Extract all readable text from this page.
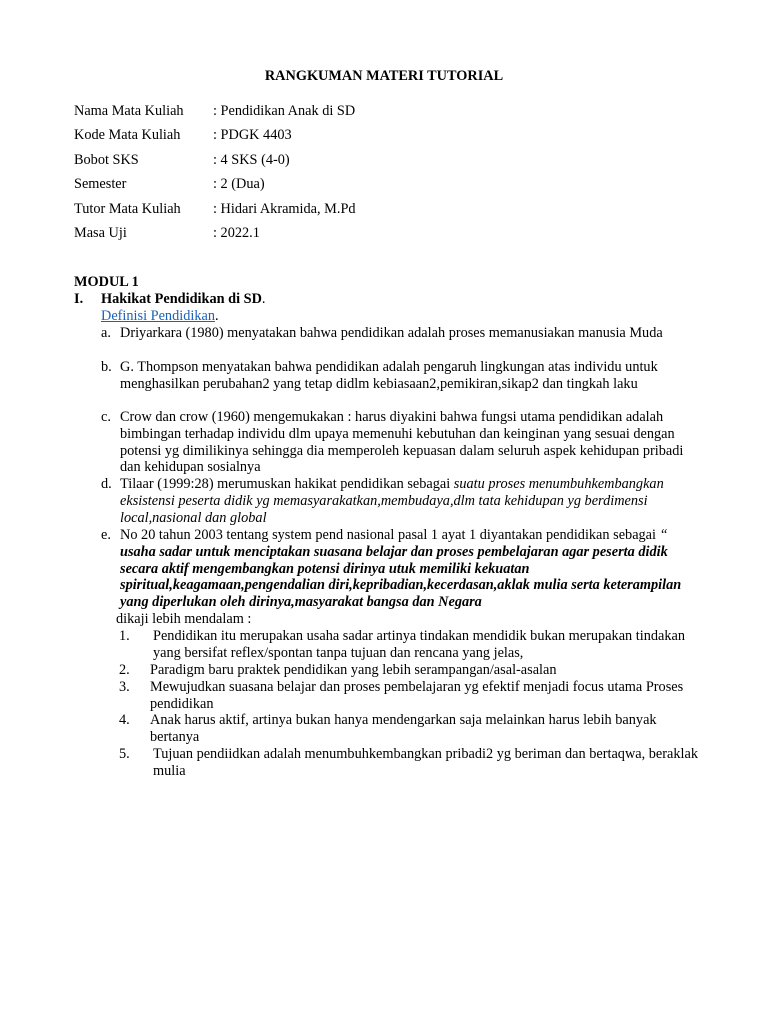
RANGKUMAN MATERI TUTORIAL
Nama Mata Kuliah : Pendidikan Anak di SD
Kode Mata Kuliah : PDGK 4403
Bobot SKS	: 4 SKS (4-0)
Semester	: 2 (Dua)
Tutor Mata Kuliah : Hidari Akramida, M.Pd
Masa Uji	: 2022.1
MODUL 1
I. Hakikat Pendidikan di SD.
Definisi Pendidikan.
a. Driyarkara (1980) menyatakan bahwa pendidikan adalah proses memanusiakan manusia Muda
b. G. Thompson menyatakan bahwa pendidikan adalah pengaruh lingkungan atas individu untuk menghasilkan perubahan2 yang tetap didlm kebiasaan2,pemikiran,sikap2 dan tingkah laku
c. Crow dan crow (1960) mengemukakan : harus diyakini bahwa fungsi utama pendidikan adalah bimbingan terhadap individu dlm upaya memenuhi kebutuhan dan keinginan yang sesuai dengan potensi yg dimilikinya sehingga dia memperoleh kepuasan dalam seluruh aspek kehidupan pribadi dan kehidupan sosialnya
d. Tilaar (1999:28) merumuskan hakikat pendidikan sebagai suatu proses menumbuhkembangkan eksistensi peserta didik yg memasyarakatkan,membudaya,dlm tata kehidupan yg berdimensi local,nasional dan global
e. No 20 tahun 2003 tentang system pend nasional pasal 1 ayat 1 diyantakan pendidikan sebagai “ usaha sadar untuk menciptakan suasana belajar dan proses pembelajaran agar peserta didik secara aktif mengembangkan potensi dirinya utuk memiliki kekuatan spiritual,keagamaan,pengendalian diri,kepribadian,kecerdasan,aklak mulia serta keterampilan yang diperlukan oleh dirinya,masyarakat bangsa dan Negara
dikaji lebih mendalam :
1. Pendidikan itu merupakan usaha sadar artinya tindakan mendidik bukan merupakan tindakan yang bersifat reflex/spontan tanpa tujuan dan rencana yang jelas,
2. Paradigm baru praktek pendidikan yang lebih serampangan/asal-asalan
3. Mewujudkan suasana belajar dan proses pembelajaran yg efektif menjadi focus utama Proses pendidikan
4. Anak harus aktif, artinya bukan hanya mendengarkan saja melainkan harus lebih banyak bertanya
5. Tujuan pendiidkan adalah menumbuhkembangkan pribadi2 yg beriman dan bertaqwa, beraklak mulia
